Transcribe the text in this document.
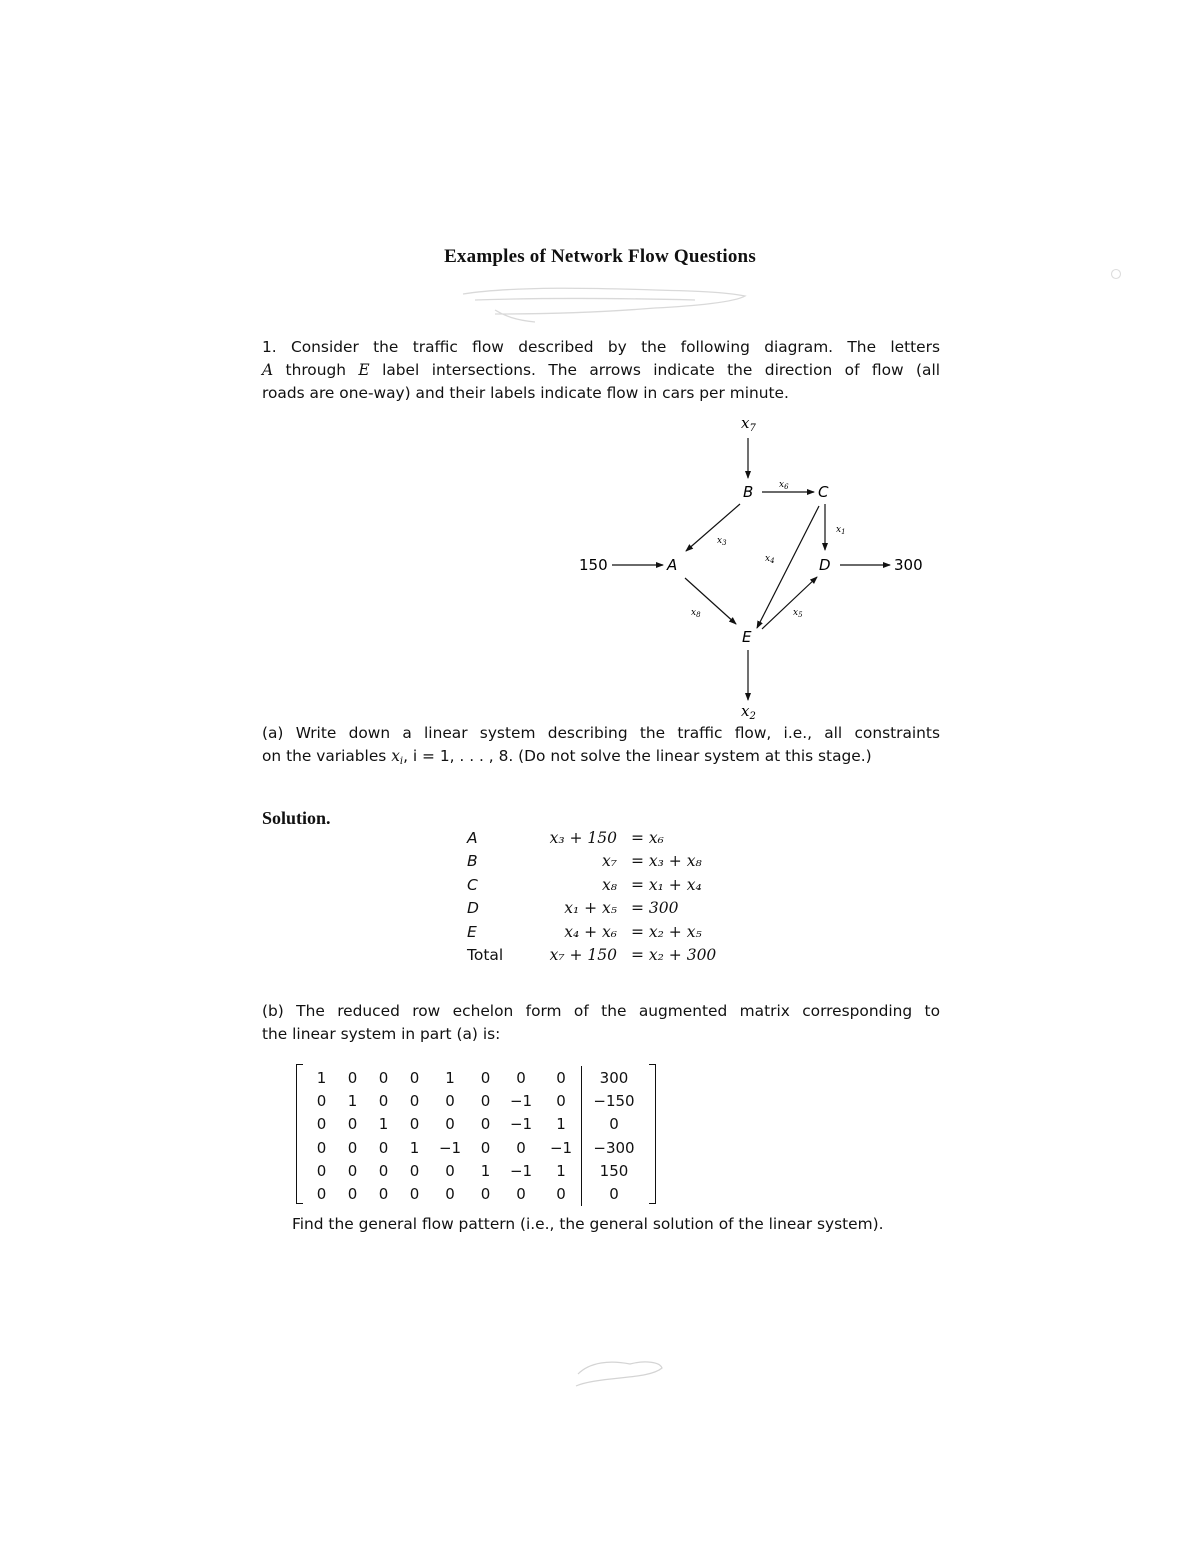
Examples of Network Flow Questions
1. Consider the traffic flow described by the following diagram. The letters
A through E label intersections. The arrows indicate the direction of flow (all
roads are one-way) and their labels indicate flow in cars per minute.
$x_7$
B	C
A	D
E
$x_6$
$x_1$
$x_3$
150	300
$x_4$
$x_5$
$x_8$
$x_2$
(a) Write down a linear system describing the traffic flow, i.e., all constraints
on the variables $x_i$, i = 1, . . . , 8. (Do not solve the linear system at this stage.)
Solution.
A	x₃ + 150	= x₆
B	x₇	= x₃ + x₈
C	x₈	= x₁ + x₄
D	x₁ + x₅	= 300
E	x₄ + x₆	= x₂ + x₅
Total	x₇ + 150	= x₂ + 300
(b) The reduced row echelon form of the augmented matrix corresponding to
the linear system in part (a) is:
1	0	0	0	1	0	0	0	300
0	1	0	0	0	0	−1	0	−150
0	0	1	0	0	0	−1	1	0
0	0	0	1	−1	0	0	−1	−300
0	0	0	0	0	1	−1	1	150
0	0	0	0	0	0	0	0	0
Find the general flow pattern (i.e., the general solution of the linear system).
